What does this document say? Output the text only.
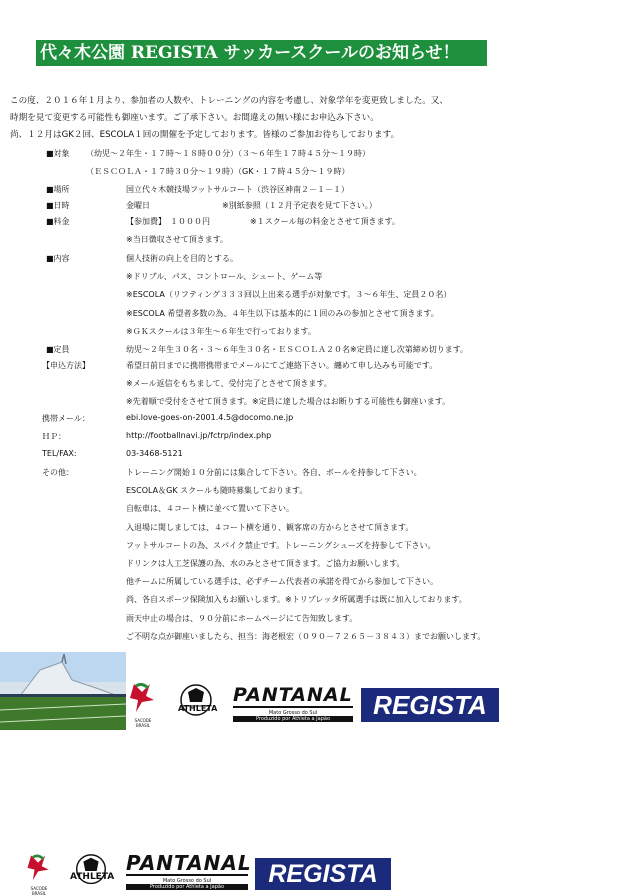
代々木公園 REGISTA サッカースクールのお知らせ！
この度、２０１６年１月より、参加者の人数や、トレーニングの内容を考慮し、対象学年を変更致しました。又、
時期を見て変更する可能性も御座います。ご了承下さい。お間違えの無い様にお申込み下さい。
尚、１２月はGK２回、ESCOLA１回の開催を予定しております。皆様のご参加お待ちしております。
■対象 （幼児～２年生・１７時～１８時００分）（３～６年生１７時４５分～１９時）
（ＥＳＣＯＬＡ・１７時３０分～１９時）（GK・１７時４５分～１９時）
■場所	国立代々木競技場フットサルコート（渋谷区神南２－１－１）
■日時	金曜日　　　　　　　　　※別紙参照（１２月予定表を見て下さい。）
■料金	【参加費】　１０００円　　　　　※１スクール毎の料金とさせて頂きます。
※当日徴収させて頂きます。
■内容	個人技術の向上を目的とする。
※ドリブル、パス、コントロール、シュート、ゲーム等
※ESCOLA（リフティング３３３回以上出来る選手が対象です。３～６年生、定員２０名）
※ESCOLA 希望者多数の為、４年生以下は基本的に１回のみの参加とさせて頂きます。
※ＧＫスクールは３年生～６年生で行っております。
■定員	幼児～２年生３０名・３～６年生３０名・ＥＳＣＯＬＡ２０名※定員に達し次第締め切ります。
【申込方法】	希望日前日までに携帯携帯までメールにてご連絡下さい。纏めて申し込みも可能です。
※メール返信をもちまして、受付完了とさせて頂きます。
※先着順で受付をさせて頂きます。※定員に達した場合はお断りする可能性も御座います。
携帯メール：	ebi.love-goes-on-2001.4.5@docomo.ne.jp
ＨＰ：	http://footballnavi.jp/fctrp/index.php
TEL/FAX:	03-3468-5121
その他：	トレーニング開始１０分前には集合して下さい。各自、ボールを持参して下さい。
ESCOLA＆GK スクールも随時募集しております。
自転車は、４コート横に並べて置いて下さい。
入退場に関しましては、４コート横を通り、観客席の方からとさせて頂きます。
フットサルコートの為、スパイク禁止です。トレーニングシューズを持参して下さい。
ドリンクは人工芝保護の為、水のみとさせて頂きます。ご協力お願いします。
他チームに所属している選手は、必ずチーム代表者の承諾を得てから参加して下さい。
尚、各自スポーツ保険加入もお願いします。※トリプレッタ所属選手は既に加入しております。
雨天中止の場合は、９０分前にホームページにて告知致します。
ご不明な点が御座いましたら、担当：海老根宏（０９０－７２６５－３８４３）までお願いします。
SACODE BRASIL
ATHLETA
PANTANAL
Mato Grosso do Sul
Produzido por Athleta a Japão	REGISTA
SACODE BRASIL
ATHLETA
PANTANAL
Mato Grosso do Sul
Produzido por Athleta a Japão	REGISTA
